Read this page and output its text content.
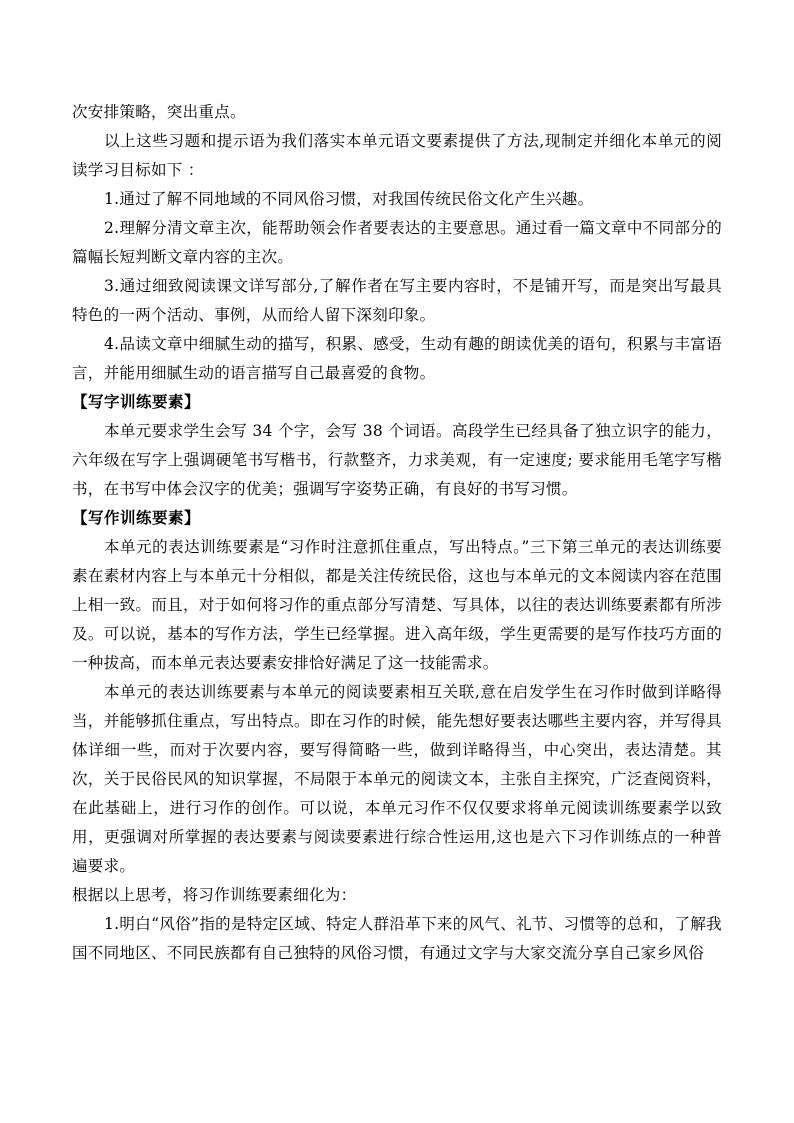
次安排策略，突出重点。

以上这些习题和提示语为我们落实本单元语文要素提供了方法,现制定并细化本单元的阅读学习目标如下 ：

1.通过了解不同地域的不同风俗习惯，对我国传统民俗文化产生兴趣。

2.理解分清文章主次，能帮助领会作者要表达的主要意思。通过看一篇文章中不同部分的篇幅长短判断文章内容的主次。

3.通过细致阅读课文详写部分,了解作者在写主要内容时，不是铺开写，而是突出写最具特色的一两个活动、事例，从而给人留下深刻印象。

4.品读文章中细腻生动的描写，积累、感受，生动有趣的朗读优美的语句，积累与丰富语言，并能用细腻生动的语言描写自己最喜爱的食物。

【写字训练要素】

本单元要求学生会写 34 个字，会写 38 个词语。高段学生已经具备了独立识字的能力，六年级在写字上强调硬笔书写楷书，行款整齐，力求美观，有一定速度; 要求能用毛笔字写楷书，在书写中体会汉字的优美；强调写字姿势正确，有良好的书写习惯。

【写作训练要素】

本单元的表达训练要素是“习作时注意抓住重点，写出特点。”三下第三单元的表达训练要素在素材内容上与本单元十分相似，都是关注传统民俗，这也与本单元的文本阅读内容在范围上相一致。而且，对于如何将习作的重点部分写清楚、写具体，以往的表达训练要素都有所涉及。可以说，基本的写作方法，学生已经掌握。进入高年级，学生更需要的是写作技巧方面的一种拔高，而本单元表达要素安排恰好满足了这一技能需求。

本单元的表达训练要素与本单元的阅读要素相互关联,意在启发学生在习作时做到详略得当，并能够抓住重点，写出特点。即在习作的时候，能先想好要表达哪些主要内容，并写得具体详细一些，而对于次要内容，要写得简略一些，做到详略得当，中心突出，表达清楚。其次，关于民俗民风的知识掌握，不局限于本单元的阅读文本，主张自主探究，广泛查阅资料，在此基础上，进行习作的创作。可以说，本单元习作不仅仅要求将单元阅读训练要素学以致用，更强调对所掌握的表达要素与阅读要素进行综合性运用,这也是六下习作训练点的一种普遍要求。

根据以上思考，将习作训练要素细化为：

1.明白“风俗”指的是特定区域、特定人群沿革下来的风气、礼节、习惯等的总和，了解我国不同地区、不同民族都有自己独特的风俗习惯，有通过文字与大家交流分享自己家乡风俗
